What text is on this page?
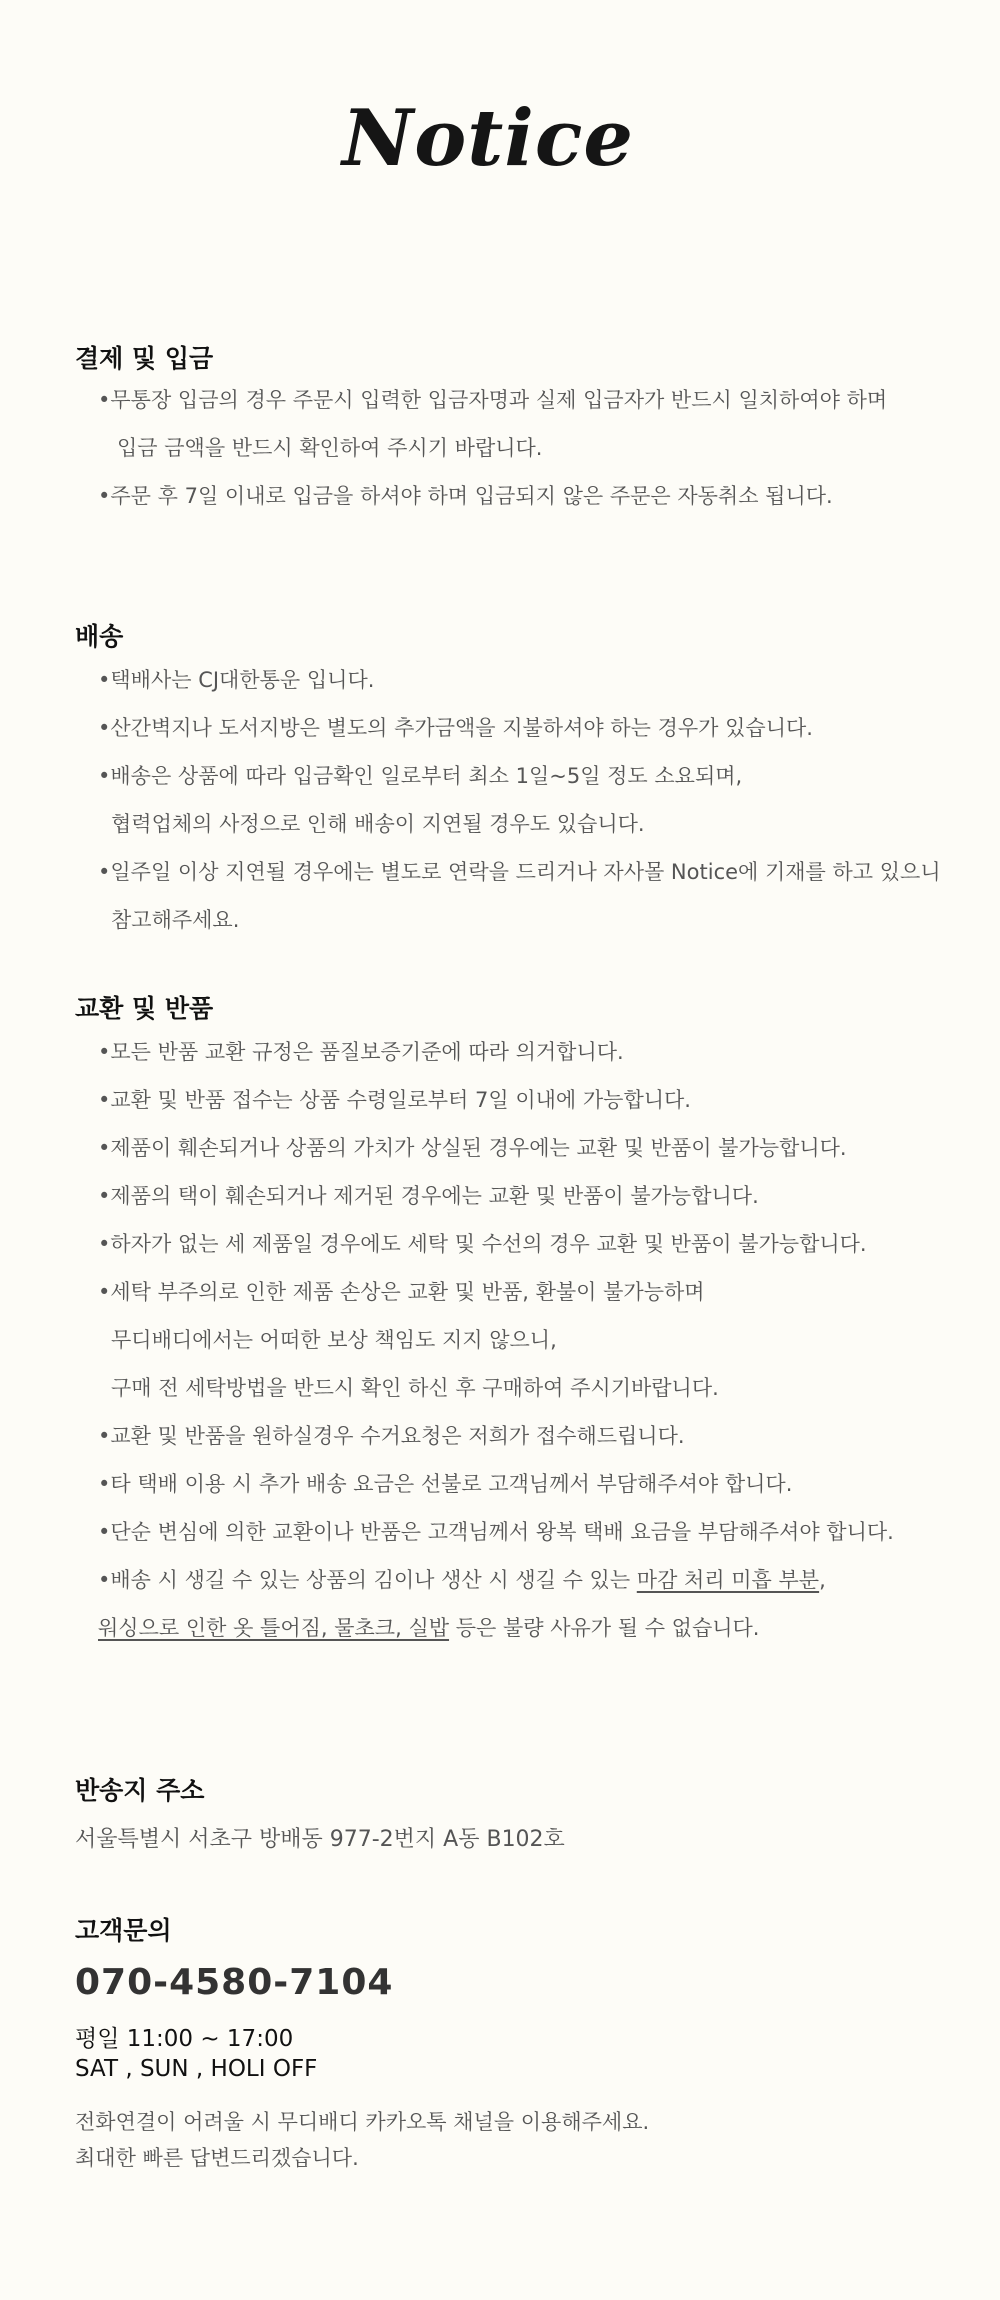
Notice
결제 및 입금
•무통장 입금의 경우 주문시 입력한 입금자명과 실제 입금자가 반드시 일치하여야 하며
입금 금액을 반드시 확인하여 주시기 바랍니다.
•주문 후 7일 이내로 입금을 하셔야 하며 입금되지 않은 주문은 자동취소 됩니다.
배송
•택배사는 CJ대한통운 입니다.
•산간벽지나 도서지방은 별도의 추가금액을 지불하셔야 하는 경우가 있습니다.
•배송은 상품에 따라 입금확인 일로부터 최소 1일~5일 정도 소요되며,
협력업체의 사정으로 인해 배송이 지연될 경우도 있습니다.
•일주일 이상 지연될 경우에는 별도로 연락을 드리거나 자사몰 Notice에 기재를 하고 있으니
참고해주세요.
교환 및 반품
•모든 반품 교환 규정은 품질보증기준에 따라 의거합니다.
•교환 및 반품 접수는 상품 수령일로부터 7일 이내에 가능합니다.
•제품이 훼손되거나 상품의 가치가 상실된 경우에는 교환 및 반품이 불가능합니다.
•제품의 택이 훼손되거나 제거된 경우에는 교환 및 반품이 불가능합니다.
•하자가 없는 세 제품일 경우에도 세탁 및 수선의 경우 교환 및 반품이 불가능합니다.
•세탁 부주의로 인한 제품 손상은 교환 및 반품, 환불이 불가능하며
무디배디에서는 어떠한 보상 책임도 지지 않으니,
구매 전 세탁방법을 반드시 확인 하신 후 구매하여 주시기바랍니다.
•교환 및 반품을 원하실경우 수거요청은 저희가 접수해드립니다.
•타 택배 이용 시 추가 배송 요금은 선불로 고객님께서 부담해주셔야 합니다.
•단순 변심에 의한 교환이나 반품은 고객님께서 왕복 택배 요금을 부담해주셔야 합니다.
•배송 시 생길 수 있는 상품의 김이나 생산 시 생길 수 있는 마감 처리 미흡 부분,
워싱으로 인한 옷 틀어짐, 물초크, 실밥 등은 불량 사유가 될 수 없습니다.
반송지 주소
서울특별시 서초구 방배동 977-2번지 A동 B102호
고객문의
070-4580-7104
평일 11:00 ~ 17:00
SAT , SUN , HOLI OFF
전화연결이 어려울 시 무디배디 카카오톡 채널을 이용해주세요.
최대한 빠른 답변드리겠습니다.
